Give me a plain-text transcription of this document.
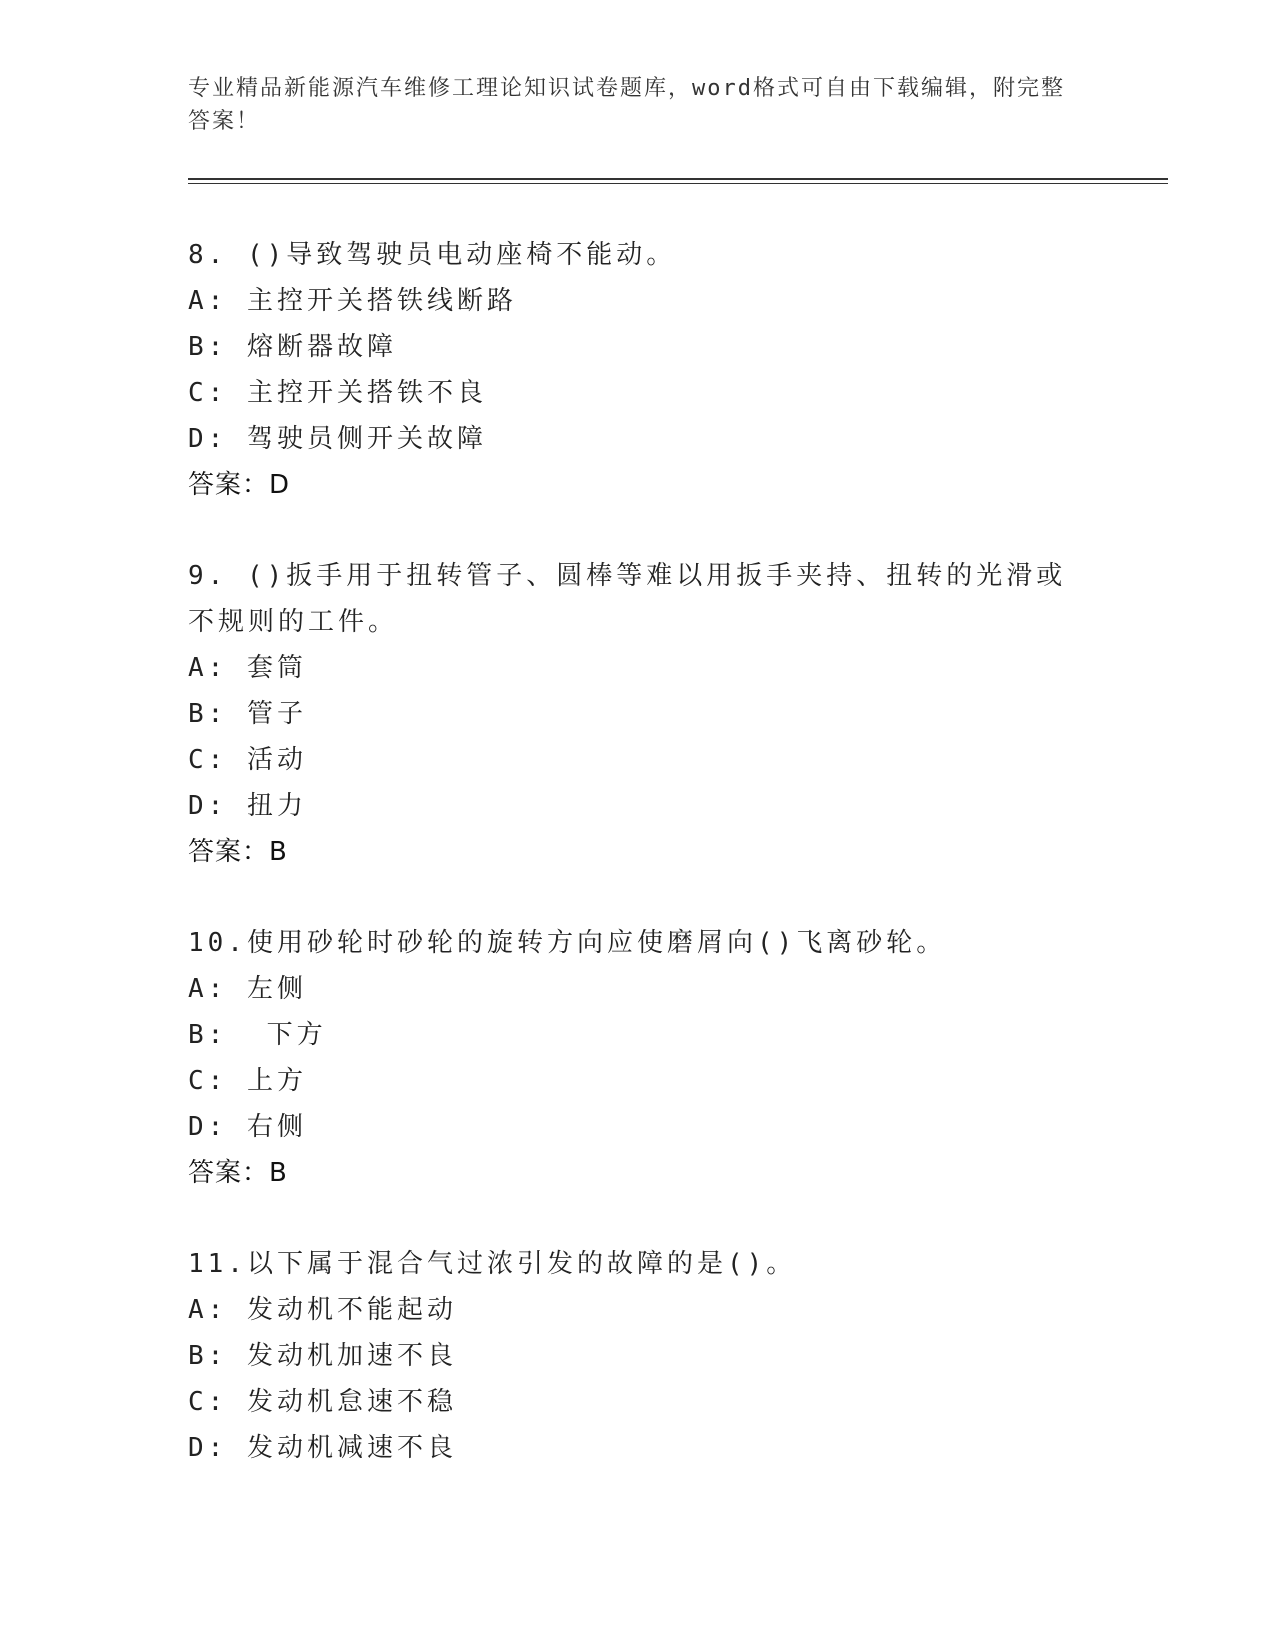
专业精品新能源汽车维修工理论知识试卷题库，word格式可自由下载编辑，附完整答案！
8. ()导致驾驶员电动座椅不能动。
A: 主控开关搭铁线断路
B: 熔断器故障
C: 主控开关搭铁不良
D: 驾驶员侧开关故障
答案：D
9. ()扳手用于扭转管子、圆棒等难以用扳手夹持、扭转的光滑或不规则的工件。
A: 套筒
B: 管子
C: 活动
D: 扭力
答案：B
10.使用砂轮时砂轮的旋转方向应使磨屑向()飞离砂轮。
A: 左侧
B:  下方
C: 上方
D: 右侧
答案：B
11.以下属于混合气过浓引发的故障的是()。
A: 发动机不能起动
B: 发动机加速不良
C: 发动机怠速不稳
D: 发动机减速不良
